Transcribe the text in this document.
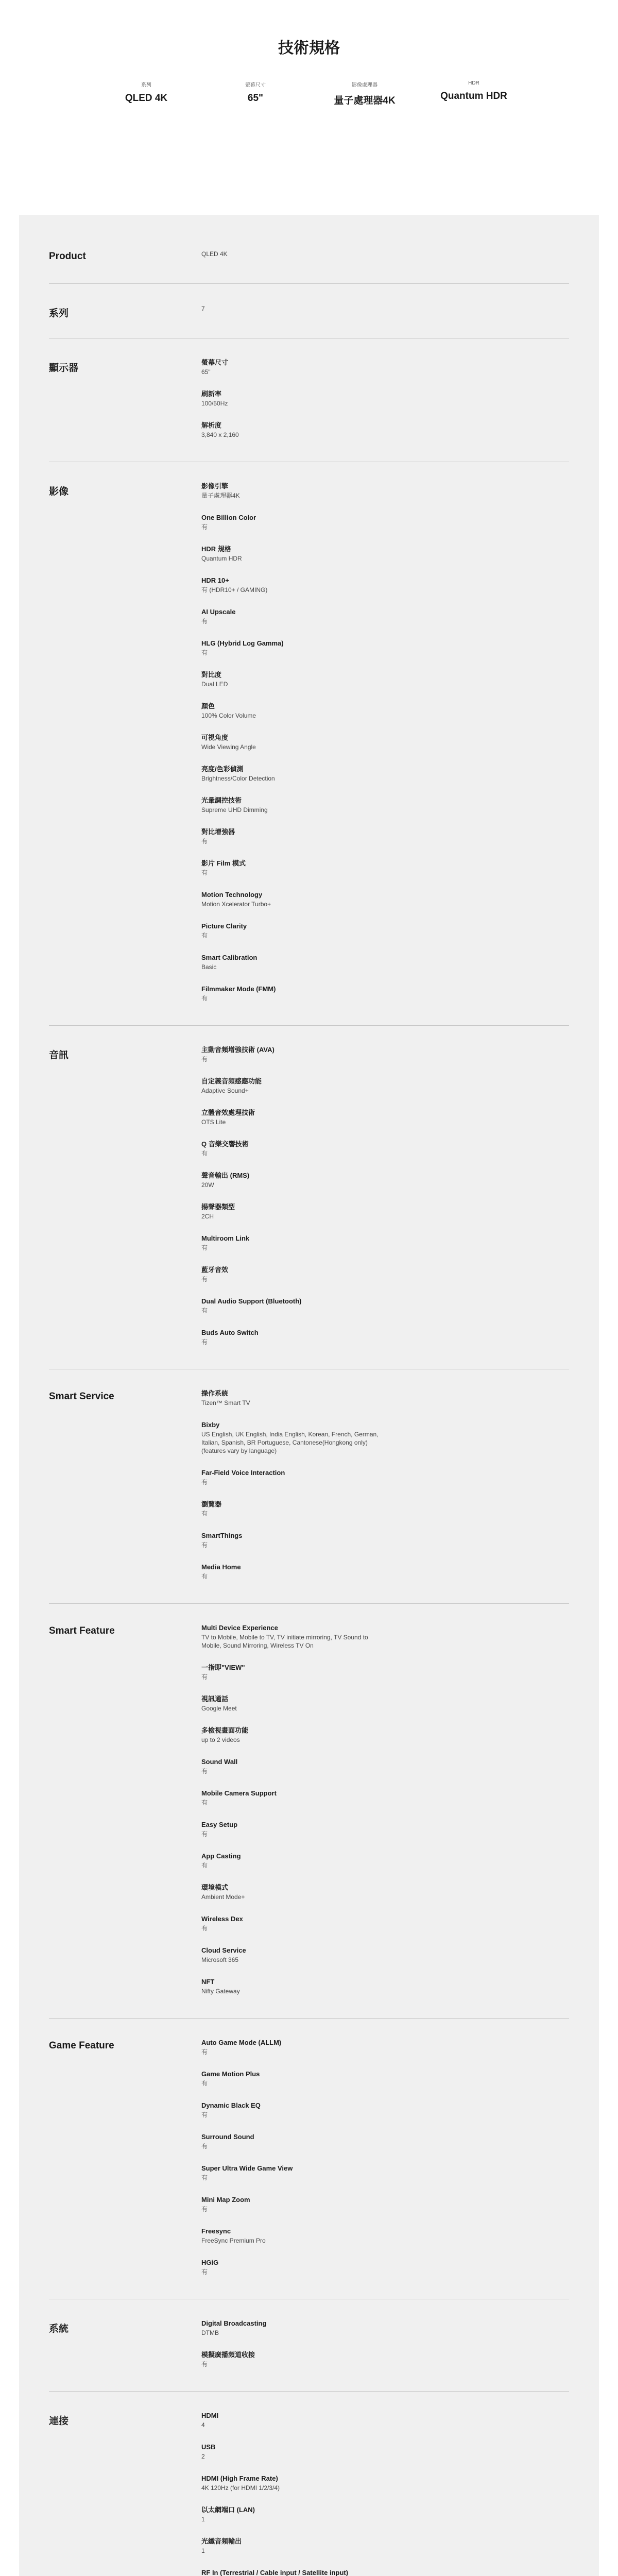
技術規格
系列
QLED 4K
螢幕尺寸
65"
影像處理器
量子處理器4K
HDR
Quantum HDR
Product	QLED 4K
系列	7
顯示器
螢幕尺寸
65"
刷新率
100/50Hz
解析度
3,840 x 2,160
影像
影像引擎
量子處理器4K
One Billion Color
有
HDR 規格
Quantum HDR
HDR 10+
有 (HDR10+ / GAMING)
AI Upscale
有
HLG (Hybrid Log Gamma)
有
對比度
Dual LED
顏色
100% Color Volume
可視角度
Wide Viewing Angle
亮度/色彩偵測
Brightness/Color Detection
光暈調控技術
Supreme UHD Dimming
對比增強器
有
影片 Film 模式
有
Motion Technology
Motion Xcelerator Turbo+
Picture Clarity
有
Smart Calibration
Basic
Filmmaker Mode (FMM)
有
音訊
主動音頻增強技術 (AVA)
有
自定義音頻感應功能
Adaptive Sound+
立體音效處理技術
OTS Lite
Q 音樂交響技術
有
聲音輸出 (RMS)
20W
揚聲器類型
2CH
Multiroom Link
有
藍牙音效
有
Dual Audio Support (Bluetooth)
有
Buds Auto Switch
有
Smart Service	操作系統
Tizen™ Smart TV
Bixby
US English, UK English, India English, Korean, French, German, Italian, Spanish, BR Portuguese, Cantonese(Hongkong only) (features vary by language)
Far-Field Voice Interaction
有
瀏覽器
有
SmartThings
有
Media Home
有
Smart Feature	Multi Device Experience
TV to Mobile, Mobile to TV, TV initiate mirroring, TV Sound to Mobile, Sound Mirroring, Wireless TV On
一指即"VIEW"
有
視訊通話
Google Meet
多檢視畫面功能
up to 2 videos
Sound Wall
有
Mobile Camera Support
有
Easy Setup
有
App Casting
有
環境模式
Ambient Mode+
Wireless Dex
有
Cloud Service
Microsoft 365
NFT
Nifty Gateway
Game Feature	Auto Game Mode (ALLM)
有
Game Motion Plus
有
Dynamic Black EQ
有
Surround Sound
有
Super Ultra Wide Game View
有
Mini Map Zoom
有
Freesync
FreeSync Premium Pro
HGiG
有
系統
Digital Broadcasting
DTMB
模擬廣播頻道收接
有
連接
HDMI
4
USB
2
HDMI (High Frame Rate)
4K 120Hz (for HDMI 1/2/3/4)
以太網端口 (LAN)
1
光纖音頻輸出
1
RF In (Terrestrial / Cable input / Satellite input)
